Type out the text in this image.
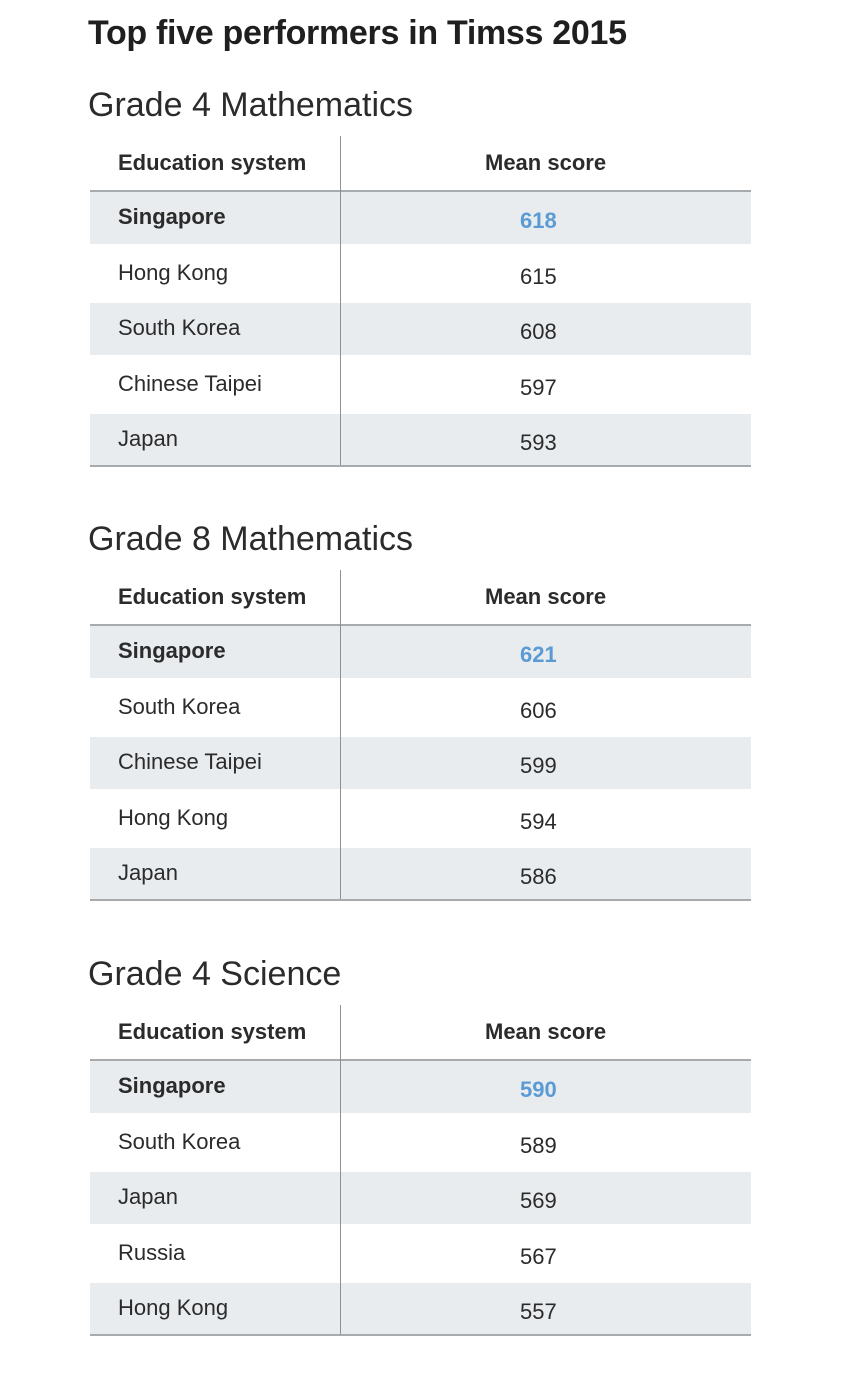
Top five performers in Timss 2015
Grade 4 Mathematics
Education system	Mean score
Singapore	618
Hong Kong	615
South Korea	608
Chinese Taipei	597
Japan	593
Grade 8 Mathematics
Education system	Mean score
Singapore	621
South Korea	606
Chinese Taipei	599
Hong Kong	594
Japan	586
Grade 4 Science
Education system	Mean score
Singapore	590
South Korea	589
Japan	569
Russia	567
Hong Kong	557
